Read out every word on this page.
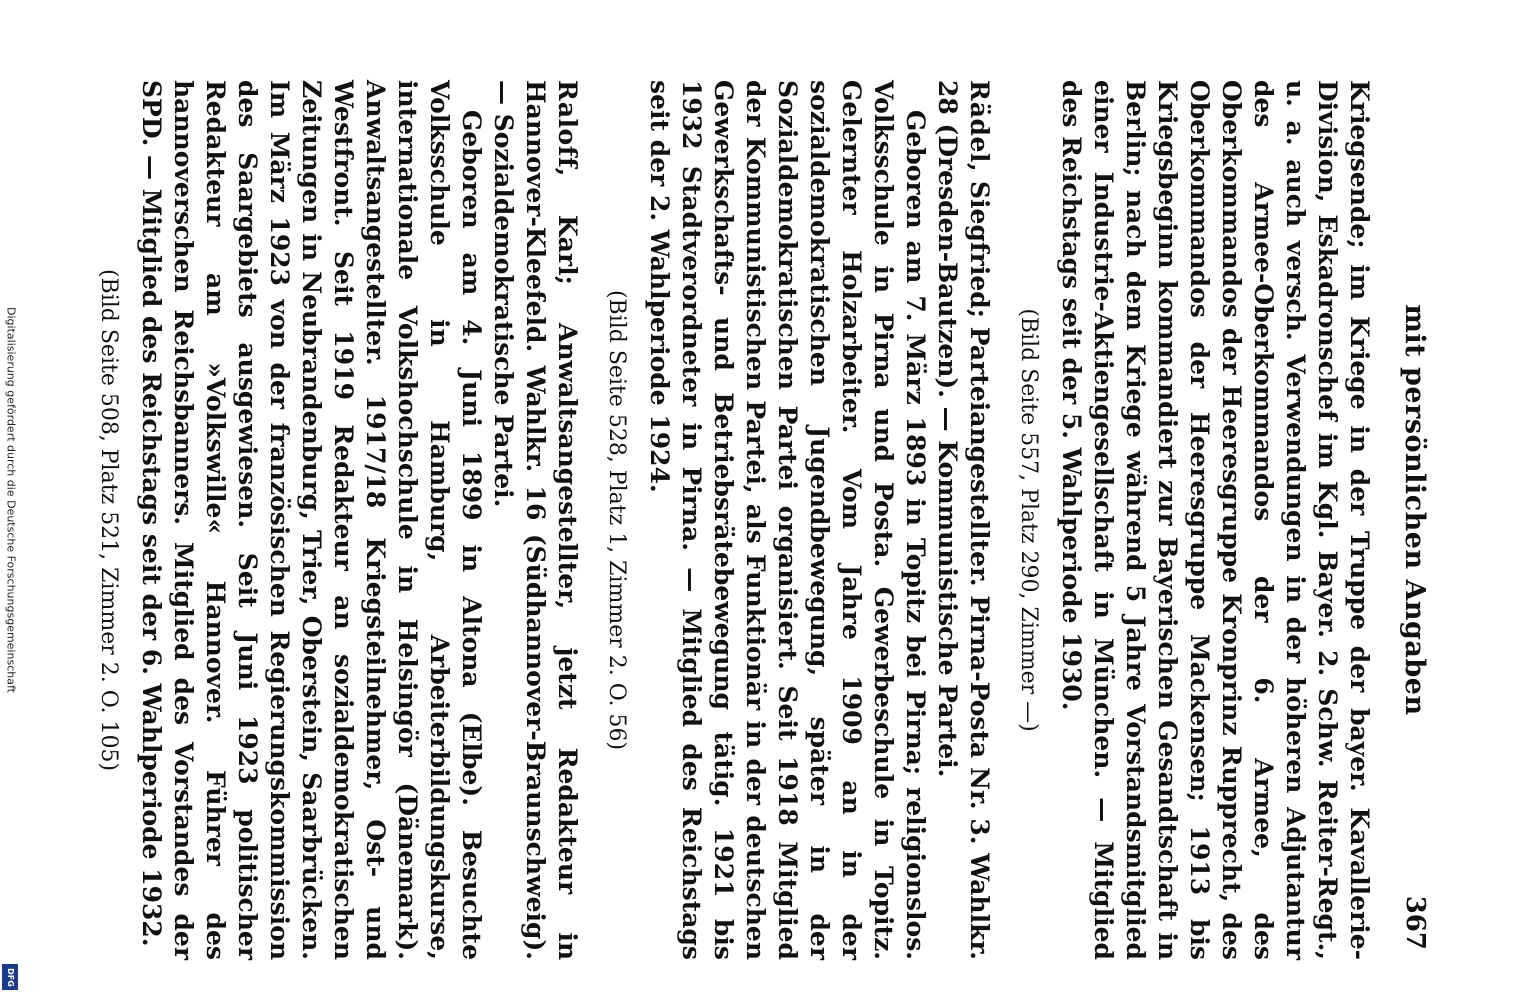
Digitalisierung gefördert durch die Deutsche Forschungsgemeinschaft
DFG
mit persönlichen Angaben
367

Kriegsende; im Kriege in der Truppe der bayer. Kavallerie-Division, Eskadronschef im Kgl. Bayer. 2. Schw. Reiter-Regt., u. a. auch versch. Verwendungen in der höheren Adjutantur des Armee-Oberkommandos der 6. Armee, des Oberkommandos der Heeresgruppe Kronprinz Rupprecht, des Oberkommandos der Heeresgruppe Mackensen; 1913 bis Kriegsbeginn kommandiert zur Bayerischen Gesandtschaft in Berlin; nach dem Kriege während 5 Jahre Vorstandsmitglied einer Industrie-Aktiengesellschaft in München. — Mitglied des Reichstags seit der 5. Wahlperiode 1930.

(Bild Seite 557, Platz 290, Zimmer —)

Rädel, Siegfried; Parteiangestellter. Pirna-Posta Nr. 3. Wahlkr. 28 (Dresden-Bautzen). — Kommunistische Partei.

Geboren am 7. März 1893 in Topitz bei Pirna; religionslos. Volksschule in Pirna und Posta. Gewerbeschule in Topitz. Gelernter Holzarbeiter. Vom Jahre 1909 an in der sozialdemokratischen Jugendbewegung, später in der Sozialdemokratischen Partei organisiert. Seit 1918 Mitglied der Kommunistischen Partei, als Funktionär in der deutschen Gewerkschafts- und Betriebsrätebewegung tätig. 1921 bis 1932 Stadtverordneter in Pirna. — Mitglied des Reichstags seit der 2. Wahlperiode 1924.

(Bild Seite 528, Platz 1, Zimmer 2. O. 56)

Raloff, Karl; Anwaltsangestellter, jetzt Redakteur in Hannover-Kleefeld. Wahlkr. 16 (Südhannover-Braunschweig). — Sozialdemokratische Partei.

Geboren am 4. Juni 1899 in Altona (Elbe). Besuchte Volksschule in Hamburg, Arbeiterbildungskurse, internationale Volkshochschule in Helsingör (Dänemark). Anwaltsangestellter. 1917/18 Kriegsteilnehmer, Ost- und Westfront. Seit 1919 Redakteur an sozialdemokratischen Zeitungen in Neubrandenburg, Trier, Oberstein, Saarbrücken. Im März 1923 von der französischen Regierungskommission des Saargebiets ausgewiesen. Seit Juni 1923 politischer Redakteur am »Volkswille« Hannover. Führer des hannoverschen Reichsbanners. Mitglied des Vorstandes der SPD. — Mitglied des Reichstags seit der 6. Wahlperiode 1932.

(Bild Seite 508, Platz 521, Zimmer 2. O. 105)
